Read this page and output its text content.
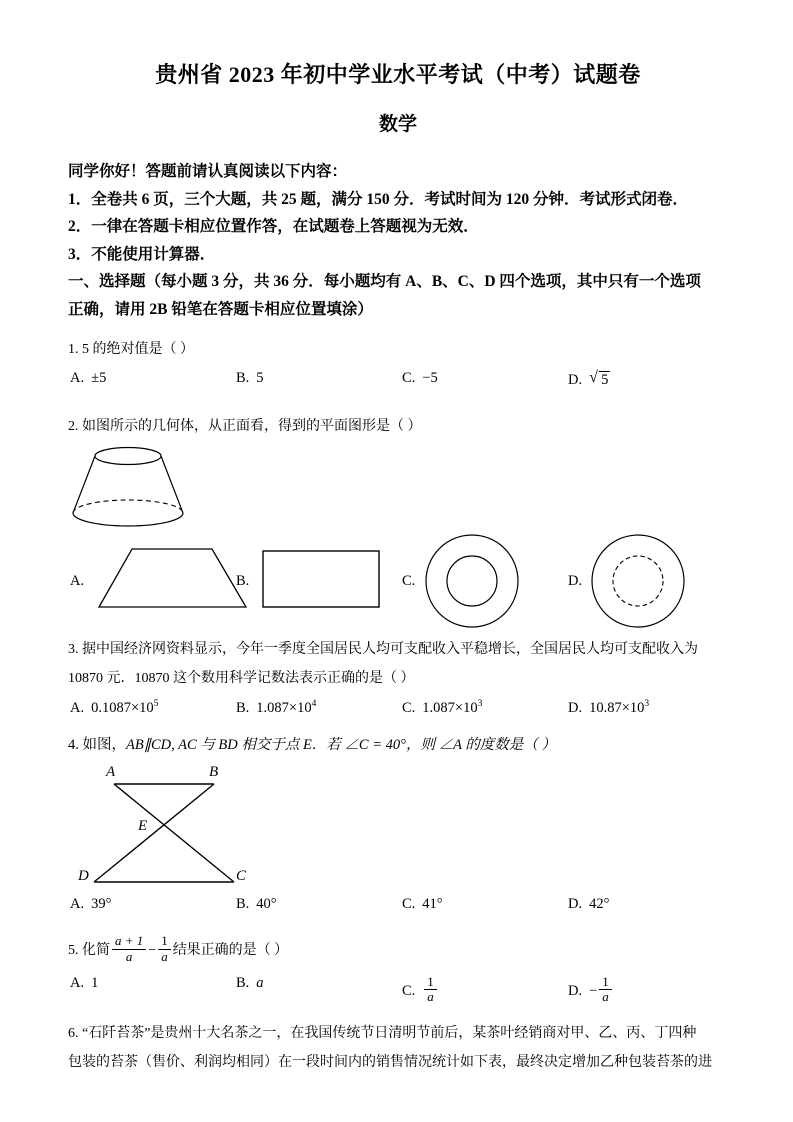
贵州省 2023 年初中学业水平考试（中考）试题卷
数学
同学你好！答题前请认真阅读以下内容：
1．全卷共 6 页，三个大题，共 25 题，满分 150 分．考试时间为 120 分钟．考试形式闭卷．
2．一律在答题卡相应位置作答，在试题卷上答题视为无效．
3．不能使用计算器．
一、选择题（每小题 3 分，共 36 分．每小题均有 A、B、C、D 四个选项，其中只有一个选项
正确，请用 2B 铅笔在答题卡相应位置填涂）
1. 5 的绝对值是（ ）
A. ±5	B. 5	C. −5	D. √ 5
2. 如图所示的几何体，从正面看，得到的平面图形是（ ）
A.	B.	C.	D.
3. 据中国经济网资料显示，今年一季度全国居民人均可支配收入平稳增长，全国居民人均可支配收入为
10870 元．10870 这个数用科学记数法表示正确的是（ ）
A. $0.1087\times 10^5$	B. $1.087\times 10^4$	C. $1.087\times 10^3$	D. $10.87\times 10^3$
4. 如图，AB∥CD, AC 与 BD 相交于点 E．若 ∠C = 40°，则 ∠A 的度数是（ ）
A	B
E
D	C
A. 39°	B. 40°	C. 41°	D. 42°
5. 化简 $\frac{a + 1}{a} - \frac{1}{a}$ 结果正确的是（ ）
A. 1	B. a	C. $\frac{1}{a}$	D. − $\frac{1}{a}$
6. “石阡苔茶”是贵州十大名茶之一，在我国传统节日清明节前后，某茶叶经销商对甲、乙、丙、丁四种
包装的苔茶（售价、利润均相同）在一段时间内的销售情况统计如下表，最终决定增加乙种包装苔茶的进
